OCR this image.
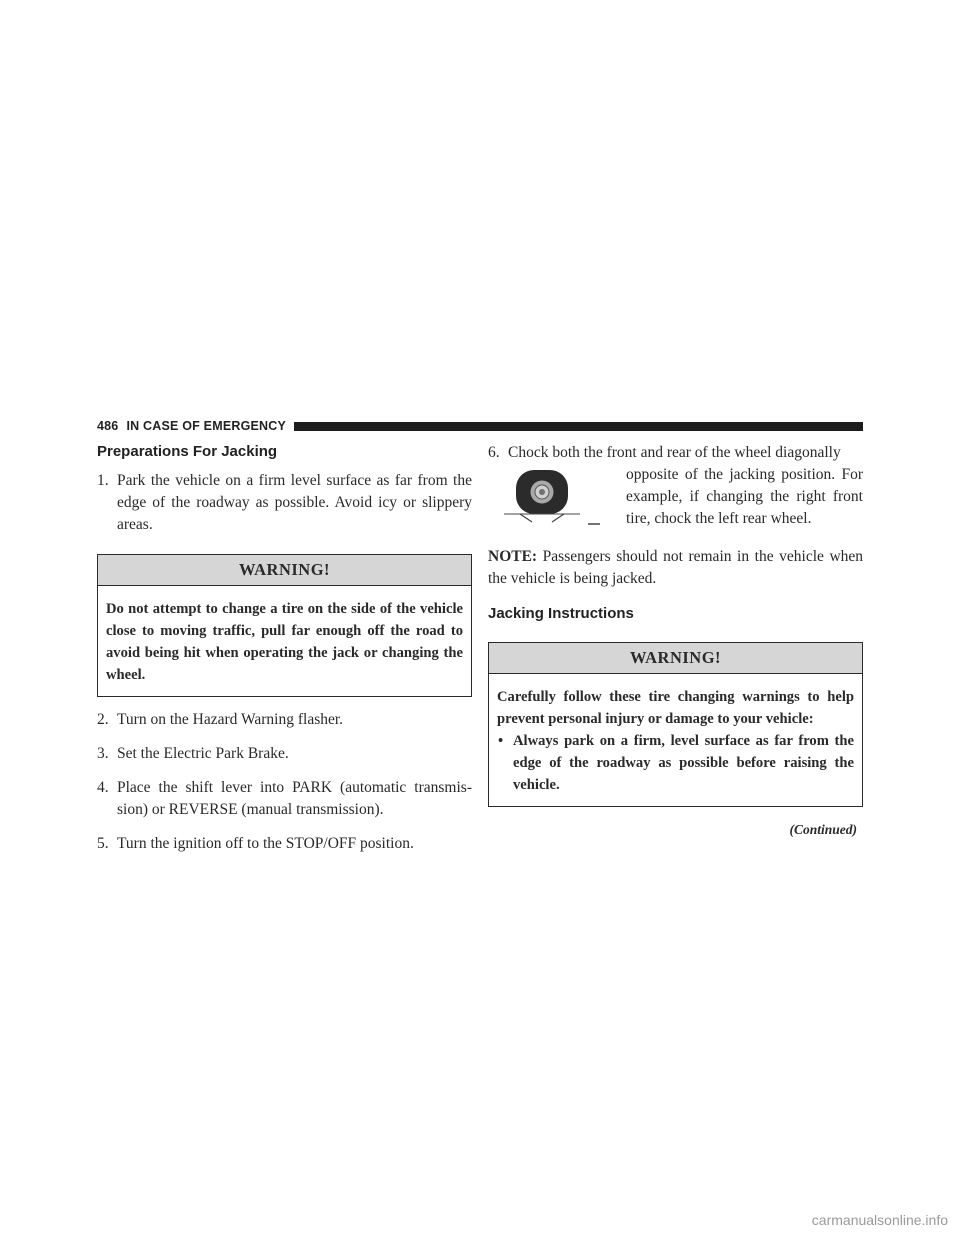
486 IN CASE OF EMERGENCY
Preparations For Jacking
1. Park the vehicle on a firm level surface as far from the edge of the roadway as possible. Avoid icy or slippery areas.
WARNING!
Do not attempt to change a tire on the side of the vehicle close to moving traffic, pull far enough off the road to avoid being hit when operating the jack or changing the wheel.
2. Turn on the Hazard Warning flasher.
3. Set the Electric Park Brake.
4. Place the shift lever into PARK (automatic transmis-sion) or REVERSE (manual transmission).
5. Turn the ignition off to the STOP/OFF position.
6. Chock both the front and rear of the wheel diagonally
opposite of the jacking position. For example, if changing the right front tire, chock the left rear wheel.

NOTE: Passengers should not remain in the vehicle when the vehicle is being jacked.

Jacking Instructions
WARNING!
Carefully follow these tire changing warnings to help prevent personal injury or damage to your vehicle:
• Always park on a firm, level surface as far from the edge of the roadway as possible before raising the vehicle.
(Continued)
carmanualsonline.info
